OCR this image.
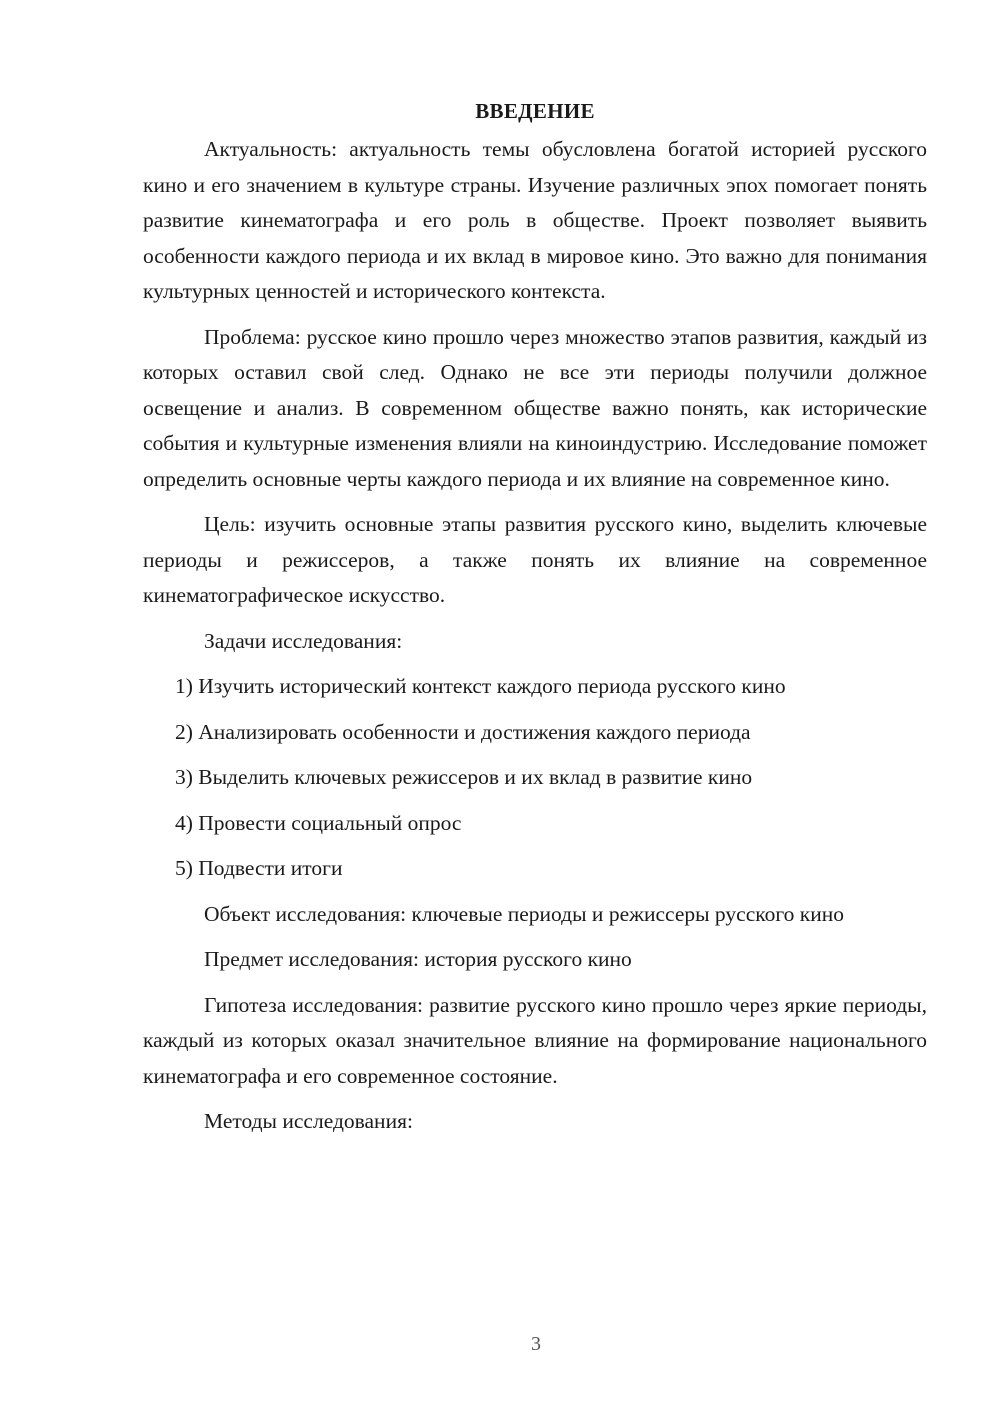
ВВЕДЕНИЕ

Актуальность: актуальность темы обусловлена богатой историей русского кино и его значением в культуре страны. Изучение различных эпох помогает понять развитие кинематографа и его роль в обществе. Проект позволяет выявить особенности каждого периода и их вклад в мировое кино. Это важно для понимания культурных ценностей и исторического контекста.

Проблема: русское кино прошло через множество этапов развития, каждый из которых оставил свой след. Однако не все эти периоды получили должное освещение и анализ. В современном обществе важно понять, как исторические события и культурные изменения влияли на киноиндустрию. Исследование поможет определить основные черты каждого периода и их влияние на современное кино.

Цель: изучить основные этапы развития русского кино, выделить ключевые периоды и режиссеров, а также понять их влияние на современное кинематографическое искусство.

Задачи исследования:

1) Изучить исторический контекст каждого периода русского кино
2) Анализировать особенности и достижения каждого периода
3) Выделить ключевых режиссеров и их вклад в развитие кино
4) Провести социальный опрос
5) Подвести итоги

Объект исследования: ключевые периоды и режиссеры русского кино

Предмет исследования: история русского кино

Гипотеза исследования: развитие русского кино прошло через яркие периоды, каждый из которых оказал значительное влияние на формирование национального кинематографа и его современное состояние.

Методы исследования:

3
